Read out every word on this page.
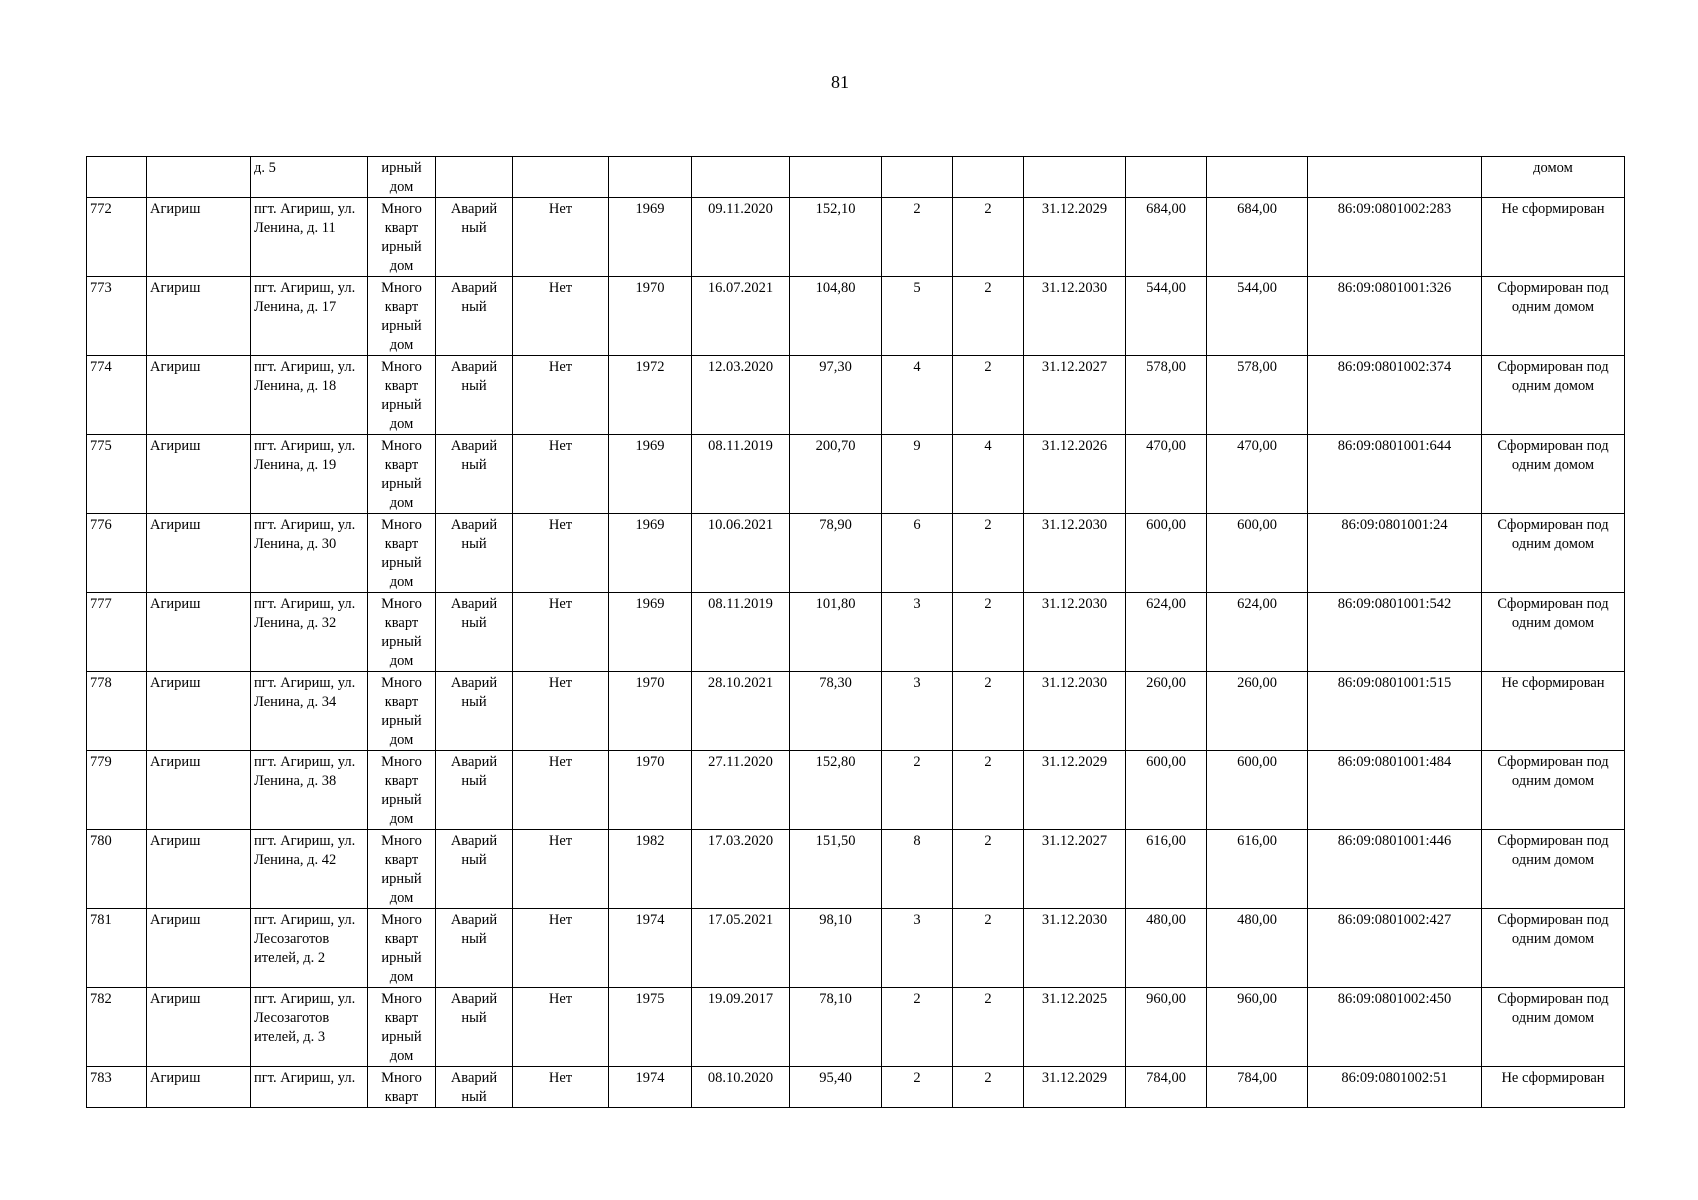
81
		д. 5	ирный дом												домом
772	Агириш	пгт. Агириш, ул. Ленина, д. 11	Много кварт ирный дом	Аварий ный	Нет	1969	09.11.2020	152,10	2	2	31.12.2029	684,00	684,00	86:09:0801002:283	Не сформирован
773	Агириш	пгт. Агириш, ул. Ленина, д. 17	Много кварт ирный дом	Аварий ный	Нет	1970	16.07.2021	104,80	5	2	31.12.2030	544,00	544,00	86:09:0801001:326	Сформирован под одним домом
774	Агириш	пгт. Агириш, ул. Ленина, д. 18	Много кварт ирный дом	Аварий ный	Нет	1972	12.03.2020	97,30	4	2	31.12.2027	578,00	578,00	86:09:0801002:374	Сформирован под одним домом
775	Агириш	пгт. Агириш, ул. Ленина, д. 19	Много кварт ирный дом	Аварий ный	Нет	1969	08.11.2019	200,70	9	4	31.12.2026	470,00	470,00	86:09:0801001:644	Сформирован под одним домом
776	Агириш	пгт. Агириш, ул. Ленина, д. 30	Много кварт ирный дом	Аварий ный	Нет	1969	10.06.2021	78,90	6	2	31.12.2030	600,00	600,00	86:09:0801001:24	Сформирован под одним домом
777	Агириш	пгт. Агириш, ул. Ленина, д. 32	Много кварт ирный дом	Аварий ный	Нет	1969	08.11.2019	101,80	3	2	31.12.2030	624,00	624,00	86:09:0801001:542	Сформирован под одним домом
778	Агириш	пгт. Агириш, ул. Ленина, д. 34	Много кварт ирный дом	Аварий ный	Нет	1970	28.10.2021	78,30	3	2	31.12.2030	260,00	260,00	86:09:0801001:515	Не сформирован
779	Агириш	пгт. Агириш, ул. Ленина, д. 38	Много кварт ирный дом	Аварий ный	Нет	1970	27.11.2020	152,80	2	2	31.12.2029	600,00	600,00	86:09:0801001:484	Сформирован под одним домом
780	Агириш	пгт. Агириш, ул. Ленина, д. 42	Много кварт ирный дом	Аварий ный	Нет	1982	17.03.2020	151,50	8	2	31.12.2027	616,00	616,00	86:09:0801001:446	Сформирован под одним домом
781	Агириш	пгт. Агириш, ул. Лесозаготов ителей, д. 2	Много кварт ирный дом	Аварий ный	Нет	1974	17.05.2021	98,10	3	2	31.12.2030	480,00	480,00	86:09:0801002:427	Сформирован под одним домом
782	Агириш	пгт. Агириш, ул. Лесозаготов ителей, д. 3	Много кварт ирный дом	Аварий ный	Нет	1975	19.09.2017	78,10	2	2	31.12.2025	960,00	960,00	86:09:0801002:450	Сформирован под одним домом
783	Агириш	пгт. Агириш, ул.	Много кварт	Аварий ный	Нет	1974	08.10.2020	95,40	2	2	31.12.2029	784,00	784,00	86:09:0801002:51	Не сформирован
